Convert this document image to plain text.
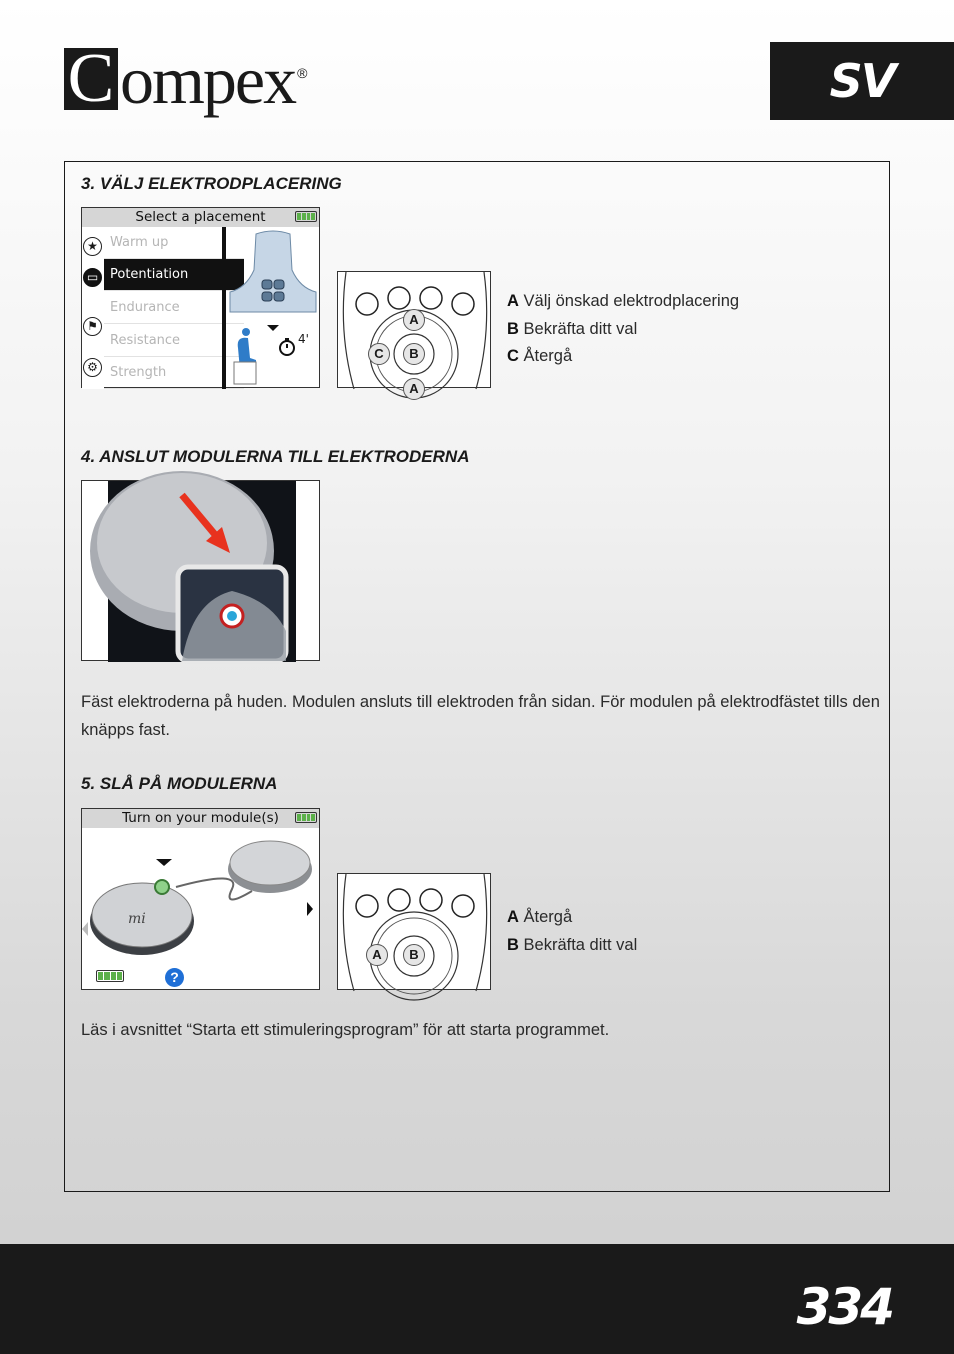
C ompex ®	SV
3. VÄLJ ELEKTRODPLACERING
Select a placement
★
▭
⚑
⚙
Warm up
Potentiation
Endurance
Resistance
Strength
4'
A
C	B
A
A Välj önskad elektrodplacering
B Bekräfta ditt val
C Återgå
4. ANSLUT MODULERNA TILL ELEKTRODERNA
Fäst elektroderna på huden. Modulen ansluts till elektroden från sidan. För modulen på elektrodfästet tills den knäpps fast.
5. SLÅ PÅ MODULERNA
Turn on your module(s)
mi
?
A	B
A Återgå
B Bekräfta ditt val
Läs i avsnittet “Starta ett stimuleringsprogram” för att starta programmet.
334
